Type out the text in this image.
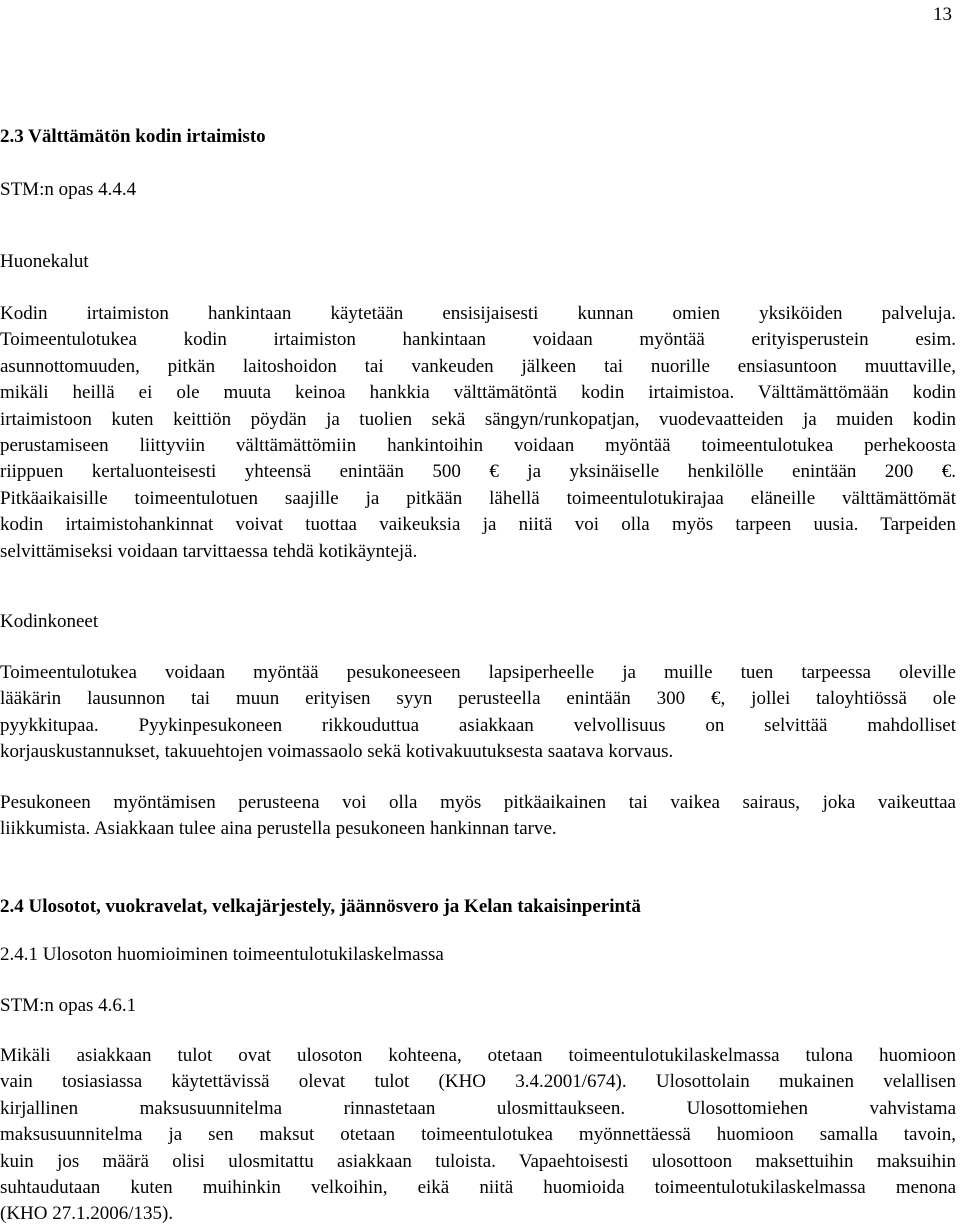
13
2.3 Välttämätön kodin irtaimisto
STM:n opas 4.4.4
Huonekalut
Kodin irtaimiston hankintaan käytetään ensisijaisesti kunnan omien yksiköiden palveluja.
Toimeentulotukea kodin irtaimiston hankintaan voidaan myöntää erityisperustein esim.
asunnottomuuden, pitkän laitoshoidon tai vankeuden jälkeen tai nuorille ensiasuntoon muuttaville,
mikäli heillä ei ole muuta keinoa hankkia välttämätöntä kodin irtaimistoa. Välttämättömään kodin
irtaimistoon kuten keittiön pöydän ja tuolien sekä sängyn/runkopatjan, vuodevaatteiden ja muiden kodin
perustamiseen liittyviin välttämättömiin hankintoihin voidaan myöntää toimeentulotukea perhekoosta
riippuen kertaluonteisesti yhteensä enintään 500 € ja yksinäiselle henkilölle enintään 200 €.
Pitkäaikaisille toimeentulotuen saajille ja pitkään lähellä toimeentulotukirajaa eläneille välttämättömät
kodin irtaimistohankinnat voivat tuottaa vaikeuksia ja niitä voi olla myös tarpeen uusia. Tarpeiden
selvittämiseksi voidaan tarvittaessa tehdä kotikäyntejä.
Kodinkoneet
Toimeentulotukea voidaan myöntää pesukoneeseen lapsiperheelle ja muille tuen tarpeessa oleville
lääkärin lausunnon tai muun erityisen syyn perusteella enintään 300 €, jollei taloyhtiössä ole
pyykkitupaa. Pyykinpesukoneen rikkouduttua asiakkaan velvollisuus on selvittää mahdolliset
korjauskustannukset, takuuehtojen voimassaolo sekä kotivakuutuksesta saatava korvaus.
Pesukoneen myöntämisen perusteena voi olla myös pitkäaikainen tai vaikea sairaus, joka vaikeuttaa
liikkumista. Asiakkaan tulee aina perustella pesukoneen hankinnan tarve.
2.4 Ulosotot, vuokravelat, velkajärjestely, jäännösvero ja Kelan takaisinperintä
2.4.1 Ulosoton huomioiminen toimeentulotukilaskelmassa
STM:n opas 4.6.1
Mikäli asiakkaan tulot ovat ulosoton kohteena, otetaan toimeentulotukilaskelmassa tulona huomioon
vain tosiasiassa käytettävissä olevat tulot (KHO 3.4.2001/674). Ulosottolain mukainen velallisen
kirjallinen maksusuunnitelma rinnastetaan ulosmittaukseen. Ulosottomiehen vahvistama
maksusuunnitelma ja sen maksut otetaan toimeentulotukea myönnettäessä huomioon samalla tavoin,
kuin jos määrä olisi ulosmitattu asiakkaan tuloista. Vapaehtoisesti ulosottoon maksettuihin maksuihin
suhtaudutaan kuten muihinkin velkoihin, eikä niitä huomioida toimeentulotukilaskelmassa menona
(KHO 27.1.2006/135).
